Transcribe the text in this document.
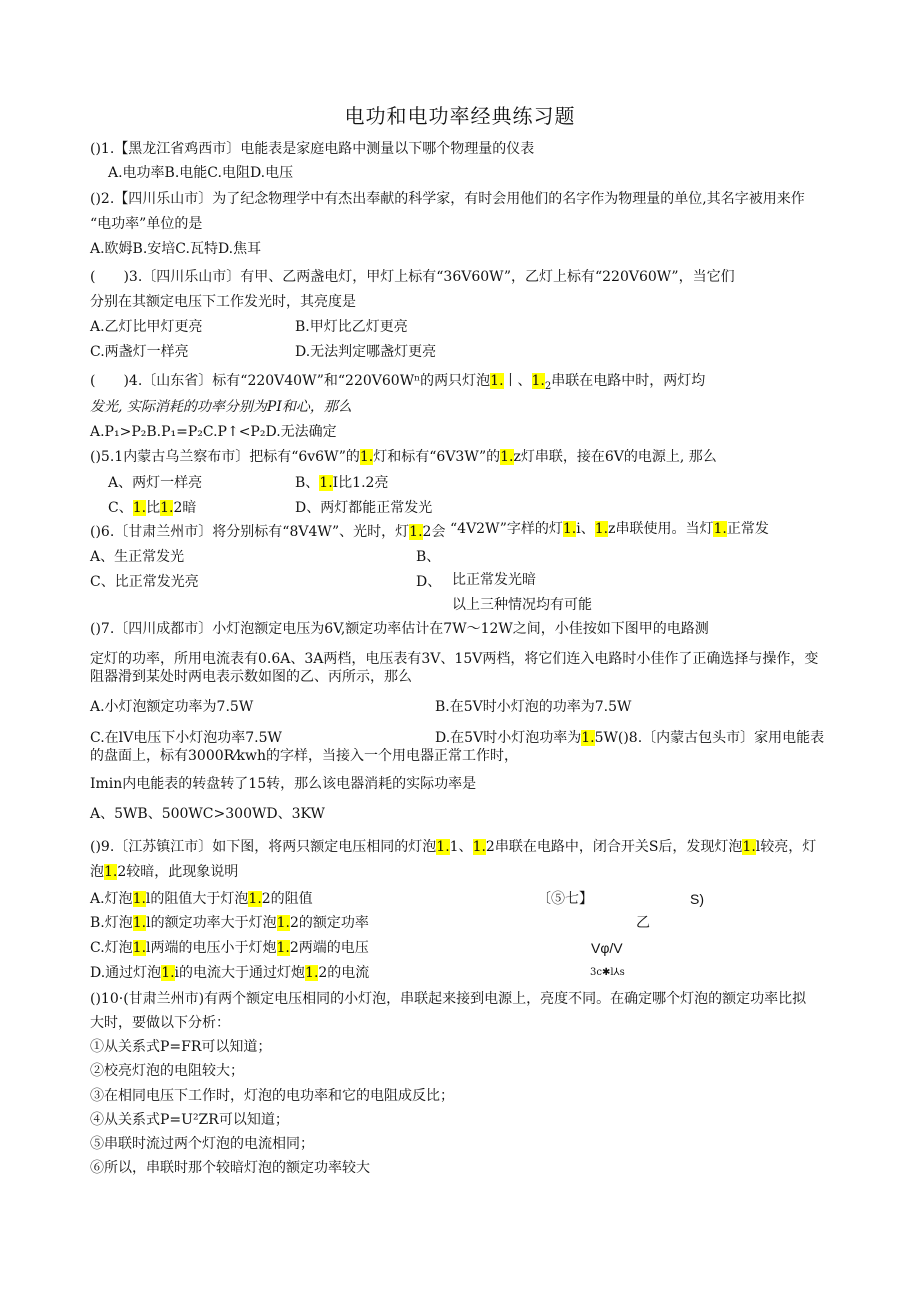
电功和电功率经典练习题
()1.【黑龙江省鸡西市〕电能表是家庭电路中测量以下哪个物理量的仪表
A.电功率B.电能C.电阻D.电压
()2.【四川乐山市〕为了纪念物理学中有杰出奉献的科学家，有时会用他们的名字作为物理量的单位,其名字被用来作
“电功率”单位的是
A.欧姆B.安培C.瓦特D.焦耳
(　　)3.〔四川乐山市〕有甲、乙两盏电灯，甲灯上标有“36V60W”，乙灯上标有“220V60W”，当它们
分别在其额定电压下工作发光时，其亮度是
A.乙灯比甲灯更亮	B.甲灯比乙灯更亮
C.两盏灯一样亮	D.无法判定哪盏灯更亮
(　　)4.〔山东省〕标有“220V40W”和“220V60Wⁿ的两只灯泡1.丨、$1._2$串联在电路中时，两灯均
发光, 实际消耗的功率分别为PI和心，那么
A.P₁>P₂B.P₁=P₂C.P↑<P₂D.无法确定
()5.1内蒙古乌兰察布市〕把标有“6v6W”的1.灯和标有“6V3W”的1.z灯串联，接在6V的电源上, 那么
A、两灯一样亮	B、1.I比1.2亮
C、1.比1.2暗	D、两灯都能正常发光
()6.〔甘肃兰州市〕将分别标有“8V4W”、光时，灯1.2会 “4V2W”字样的灯1.i、1.z串联使用。当灯1.正常发
A、生正常发光	B、
C、比正常发光亮	D、 比正常发光暗
以上三种情况均有可能
()7.〔四川成都市〕小灯泡额定电压为6V,额定功率估计在7W～12W之间，小佳按如下图甲的电路测
定灯的功率，所用电流表有0.6A、3A两档，电压表有3V、15V两档，将它们连入电路时小佳作了正确选择与操作，变
阻器滑到某处时两电表示数如图的乙、丙所示，那么
A.小灯泡额定功率为7.5W	B.在5V时小灯泡的功率为7.5W
C.在lV电压下小灯泡功率7.5W	D.在5V时小灯泡功率为1.5W()8.〔内蒙古包头市〕家用电能表
的盘面上，标有3000R⁄kwh的字样，当接入一个用电器正常工作时，
Imin内电能表的转盘转了15转，那么该电器消耗的实际功率是
A、5WB、500WC>300WD、3KW
()9.〔江苏镇江市〕如下图，将两只额定电压相同的灯泡1.1、1.2串联在电路中，闭合开关S后，发现灯泡1.l较亮，灯
泡1.2较暗，此现象说明
A.灯泡1.l的阻值大于灯泡1.2的阻值
B.灯泡1.l的额定功率大于灯泡1.2的额定功率
C.灯泡1.l两端的电压小于灯炮1.2两端的电压
D.通过灯泡1.i的电流大于通过灯炮1.2的电流
〔⑤七】	S)
乙
Vφ/V
3c✱l⅄s
()10·(甘肃兰州市)有两个额定电压相同的小灯泡，串联起来接到电源上，亮度不同。在确定哪个灯泡的额定功率比拟
大时，要做以下分析：
①从关系式P=FR可以知道；
②校亮灯泡的电阻较大；
③在相同电压下工作时，灯泡的电功率和它的电阻成反比；
④从关系式P=U²ZR可以知道；
⑤串联时流过两个灯泡的电流相同；
⑥所以，串联时那个较暗灯泡的额定功率较大
